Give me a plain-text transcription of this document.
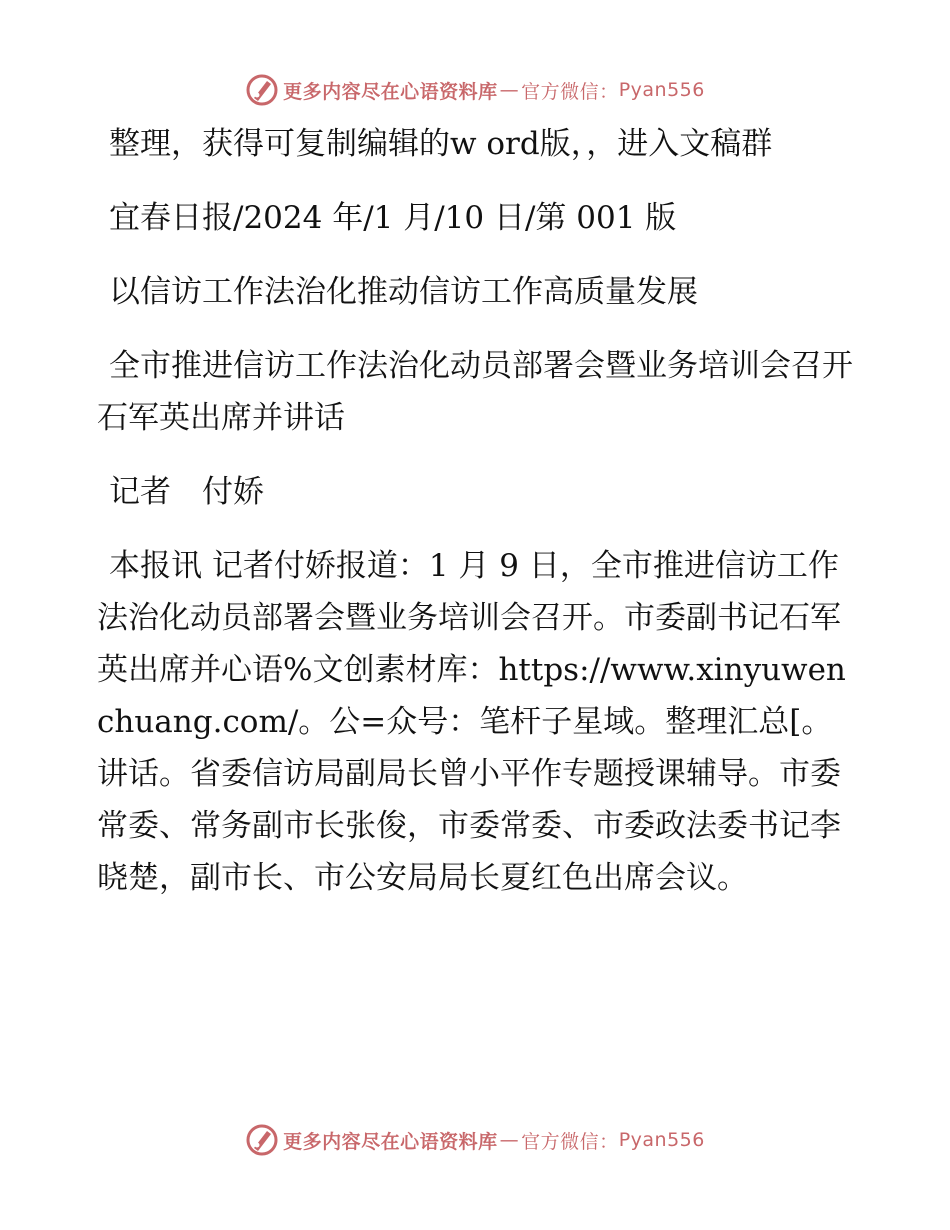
更多内容尽在心语资料库 — 官方微信： Pyan556

整理，获得可复制编辑的w ord版，，进入文稿群

宜春日报/2024 年/1 月/10 日/第 001 版

以信访工作法治化推动信访工作高质量发展

全市推进信访工作法治化动员部署会暨业务培训会召开 石军英出席并讲话

记者　付娇

本报讯 记者付娇报道：1 月 9 日，全市推进信访工作法治化动员部署会暨业务培训会召开。市委副书记石军英出席并心语%文创素材库：https://www.xinyuwenchuang.com/。公=众号：笔杆子星域。整理汇总[。讲话。省委信访局副局长曾小平作专题授课辅导。市委常委、常务副市长张俊，市委常委、市委政法委书记李晓楚，副市长、市公安局局长夏红色出席会议。

更多内容尽在心语资料库 — 官方微信： Pyan556
